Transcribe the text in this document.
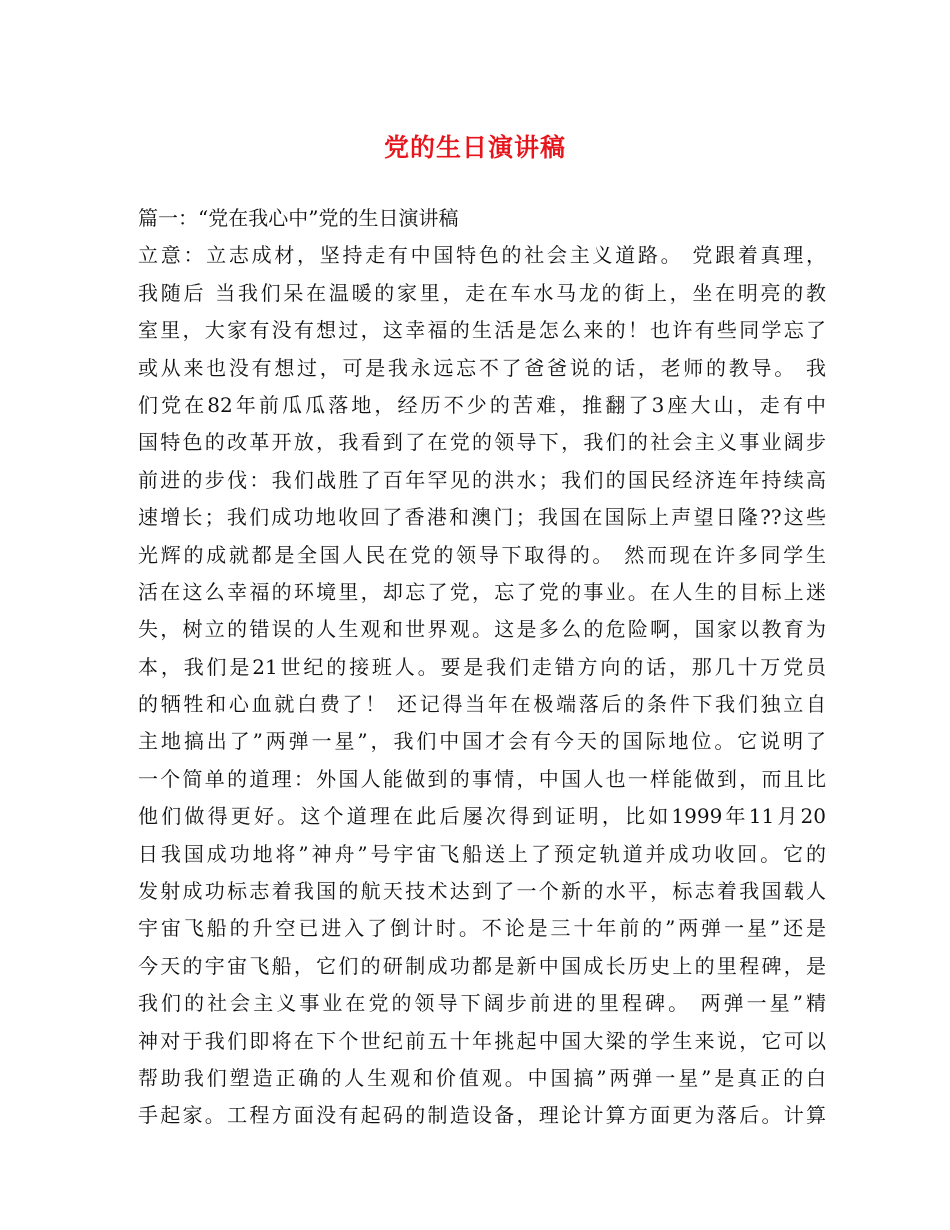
党的生日演讲稿
篇一：“党在我心中”党的生日演讲稿
立意：立志成材，坚持走有中国特色的社会主义道路。 党跟着真理，
我随后 当我们呆在温暖的家里，走在车水马龙的街上，坐在明亮的教
室里，大家有没有想过，这幸福的生活是怎么来的！也许有些同学忘了
或从来也没有想过，可是我永远忘不了爸爸说的话，老师的教导。 我
们党在82年前瓜瓜落地，经历不少的苦难，推翻了3座大山，走有中
国特色的改革开放，我看到了在党的领导下，我们的社会主义事业阔步
前进的步伐：我们战胜了百年罕见的洪水；我们的国民经济连年持续高
速增长；我们成功地收回了香港和澳门；我国在国际上声望日隆??这些
光辉的成就都是全国人民在党的领导下取得的。 然而现在许多同学生
活在这么幸福的环境里，却忘了党，忘了党的事业。在人生的目标上迷
失，树立的错误的人生观和世界观。这是多么的危险啊，国家以教育为
本，我们是21世纪的接班人。要是我们走错方向的话，那几十万党员
的牺牲和心血就白费了！ 还记得当年在极端落后的条件下我们独立自
主地搞出了”两弹一星”，我们中国才会有今天的国际地位。它说明了
一个简单的道理：外国人能做到的事情，中国人也一样能做到，而且比
他们做得更好。这个道理在此后屡次得到证明，比如1999年11月20
日我国成功地将”神舟”号宇宙飞船送上了预定轨道并成功收回。它的
发射成功标志着我国的航天技术达到了一个新的水平，标志着我国载人
宇宙飞船的升空已进入了倒计时。不论是三十年前的”两弹一星”还是
今天的宇宙飞船，它们的研制成功都是新中国成长历史上的里程碑，是
我们的社会主义事业在党的领导下阔步前进的里程碑。 两弹一星”精
神对于我们即将在下个世纪前五十年挑起中国大梁的学生来说，它可以
帮助我们塑造正确的人生观和价值观。中国搞”两弹一星”是真正的白
手起家。工程方面没有起码的制造设备，理论计算方面更为落后。计算
